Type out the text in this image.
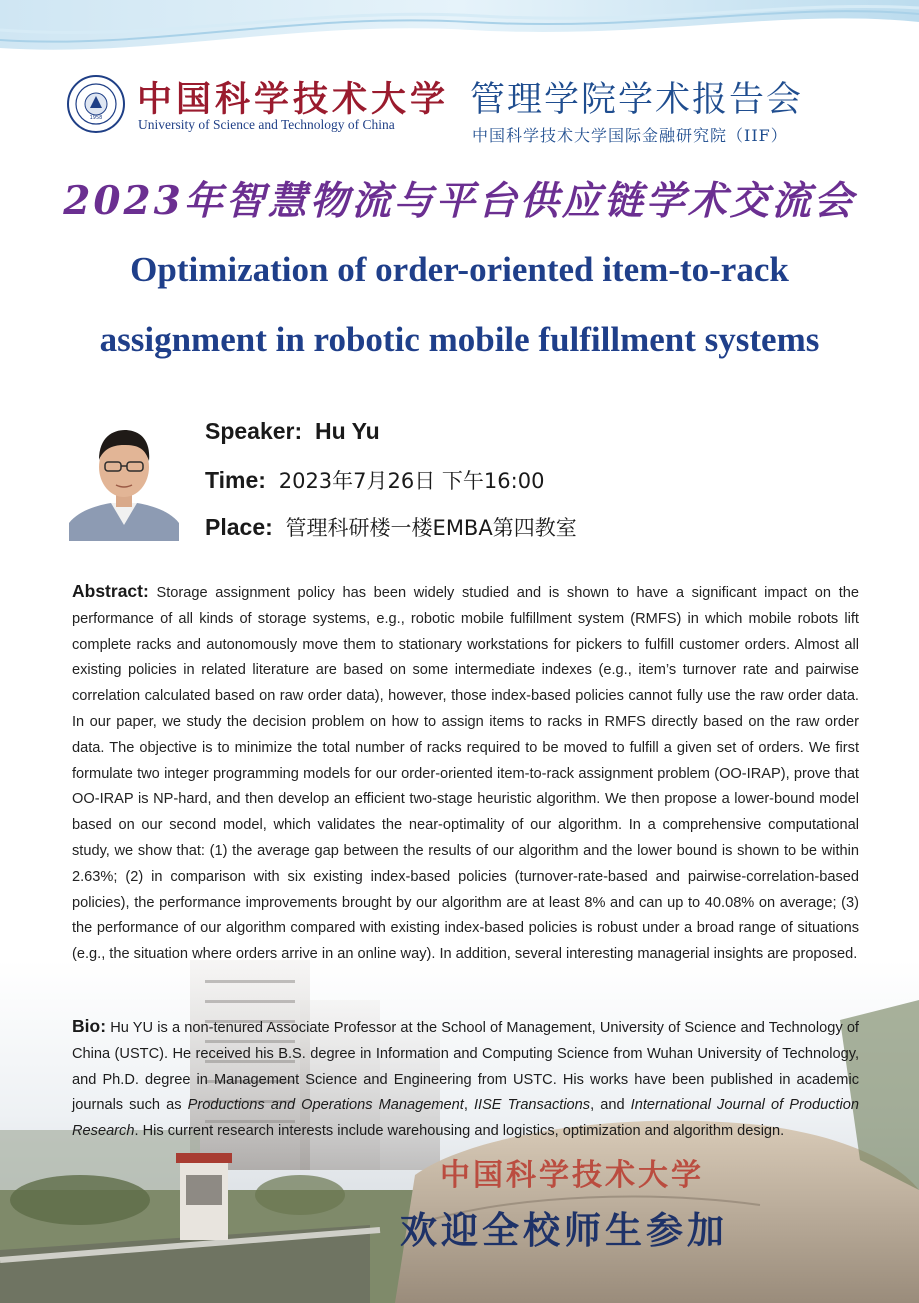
1958 中国科学技术大学
University of Science and Technology of China
管理学院学术报告会
中国科学技术大学国际金融研究院（IIF）
2023年智慧物流与平台供应链学术交流会
Optimization of order-oriented item-to-rack
assignment in robotic mobile fulfillment systems
Speaker: Hu Yu
Time: 2023年7月26日 下午16:00
Place: 管理科研楼一楼EMBA第四教室
Abstract: Storage assignment policy has been widely studied and is shown to have a significant impact on the performance of all kinds of storage systems, e.g., robotic mobile fulfillment system (RMFS) in which mobile robots lift complete racks and autonomously move them to stationary workstations for pickers to fulfill customer orders. Almost all existing policies in related literature are based on some intermediate indexes (e.g., item’s turnover rate and pairwise correlation calculated based on raw order data), however, those index-based policies cannot fully use the raw order data. In our paper, we study the decision problem on how to assign items to racks in RMFS directly based on the raw order data. The objective is to minimize the total number of racks required to be moved to fulfill a given set of orders. We first formulate two integer programming models for our order-oriented item-to-rack assignment problem (OO-IRAP), prove that OO-IRAP is NP-hard, and then develop an efficient two-stage heuristic algorithm. We then propose a lower-bound model based on our second model, which validates the near-optimality of our algorithm. In a comprehensive computational study, we show that: (1) the average gap between the results of our algorithm and the lower bound is shown to be within 2.63%; (2) in comparison with six existing index-based policies (turnover-rate-based and pairwise-correlation-based policies), the performance improvements brought by our algorithm are at least 8% and can up to 40.08% on average; (3) the performance of our algorithm compared with existing index-based policies is robust under a broad range of situations (e.g., the situation where orders arrive in an online way). In addition, several interesting managerial insights are proposed.
Bio: Hu YU is a non-tenured Associate Professor at the School of Management, University of Science and Technology of China (USTC). He received his B.S. degree in Information and Computing Science from Wuhan University of Technology, and Ph.D. degree in Management Science and Engineering from USTC. His works have been published in academic journals such as Productions and Operations Management, IISE Transactions, and International Journal of Production Research. His current research interests include warehousing and logistics, optimization and algorithm design.
中国科学技术大学
欢迎全校师生参加
